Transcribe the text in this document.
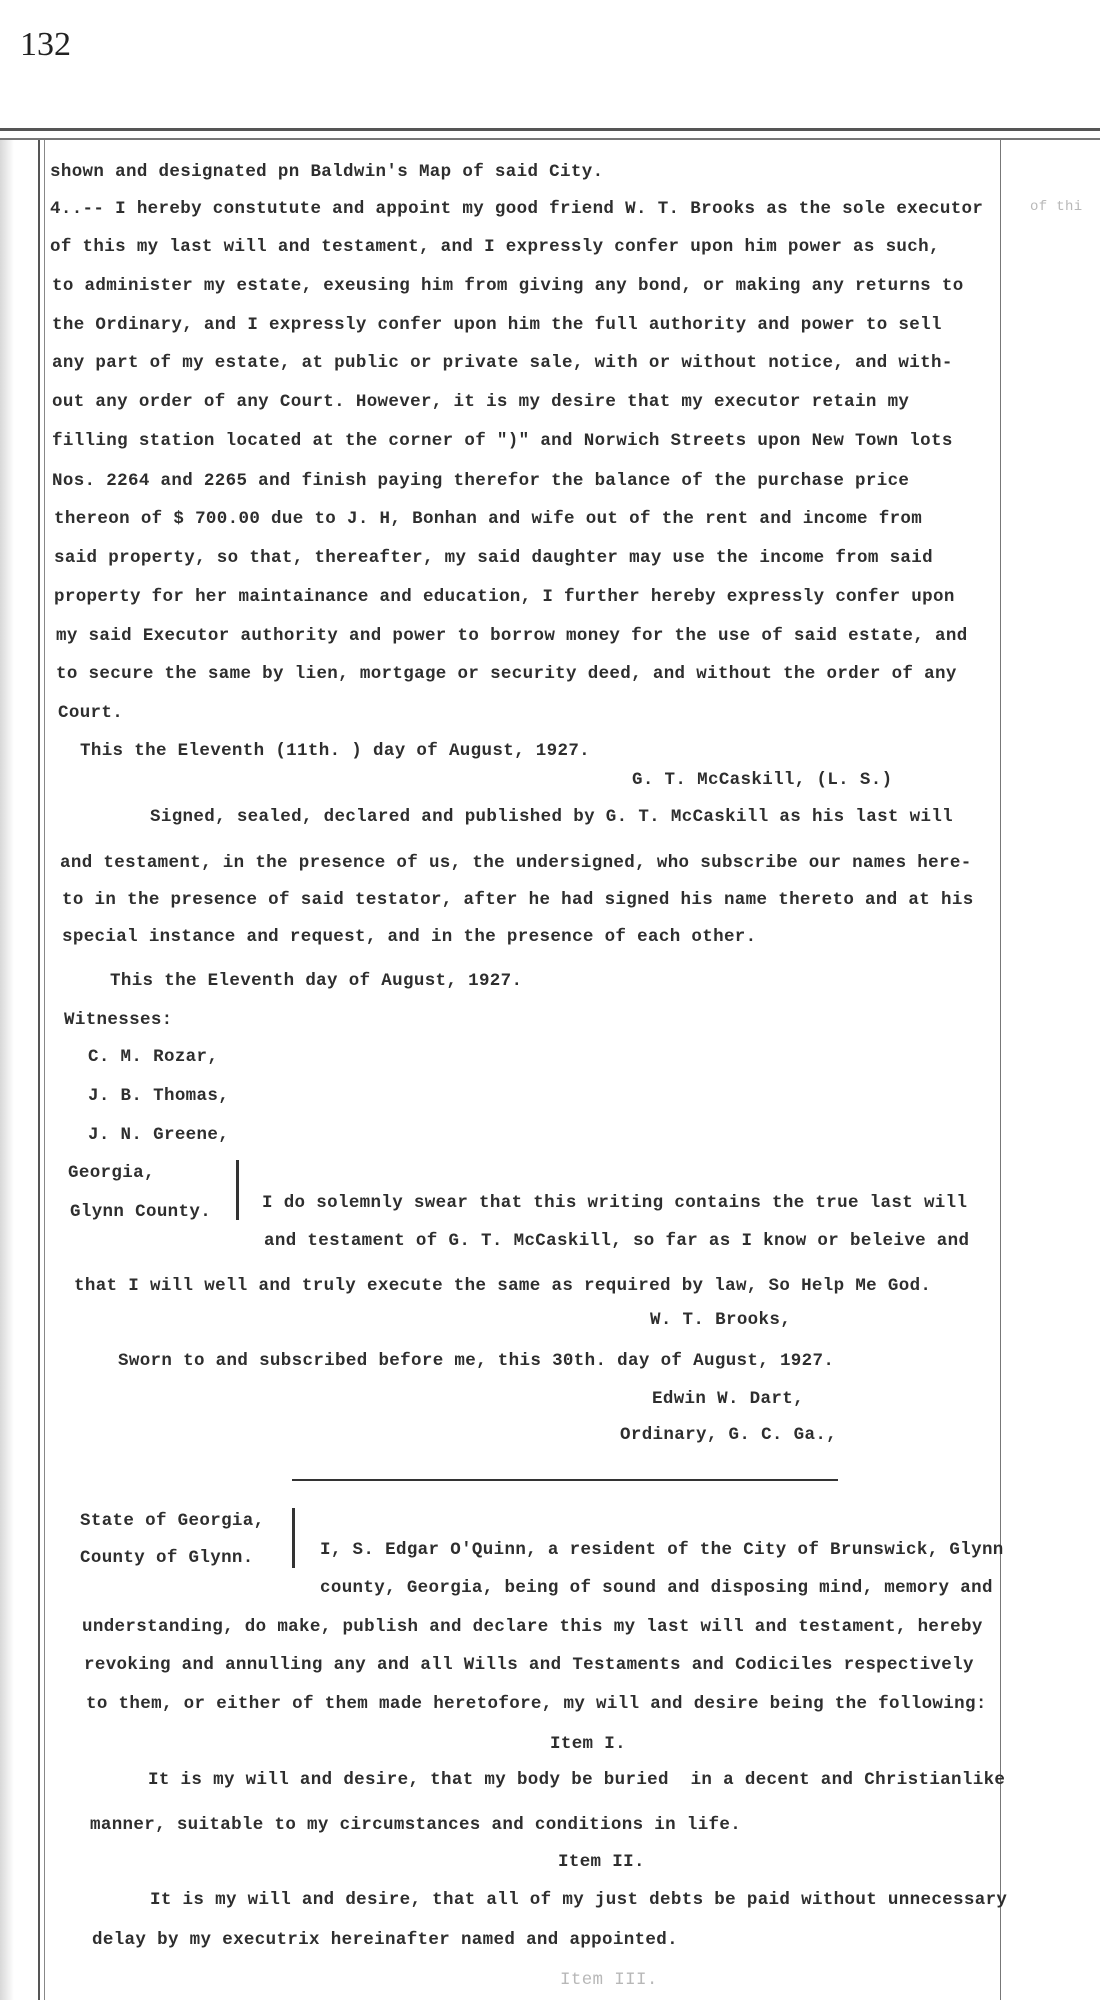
132
shown and designated pn Baldwin's Map of said City.
4..-- I hereby constutute and appoint my good friend W. T. Brooks as the sole executor	of thi
of this my last will and testament, and I expressly confer upon him power as such,
to administer my estate, exeusing him from giving any bond, or making any returns to
the Ordinary, and I expressly confer upon him the full authority and power to sell
any part of my estate, at public or private sale, with or without notice, and with-
out any order of any Court. However, it is my desire that my executor retain my
filling station located at the corner of ")" and Norwich Streets upon New Town lots
Nos. 2264 and 2265 and finish paying therefor the balance of the purchase price
thereon of $ 700.00 due to J. H, Bonhan and wife out of the rent and income from
said property, so that, thereafter, my said daughter may use the income from said
property for her maintainance and education, I further hereby expressly confer upon
my said Executor authority and power to borrow money for the use of said estate, and
to secure the same by lien, mortgage or security deed, and without the order of any
Court.
This the Eleventh (11th. ) day of August, 1927.
G. T. McCaskill, (L. S.)
Signed, sealed, declared and published by G. T. McCaskill as his last will
and testament, in the presence of us, the undersigned, who subscribe our names here-
to in the presence of said testator, after he had signed his name thereto and at his
special instance and request, and in the presence of each other.
This the Eleventh day of August, 1927.
Witnesses:
C. M. Rozar,
J. B. Thomas,
J. N. Greene,
Georgia,
Glynn County.	I do solemnly swear that this writing contains the true last will
and testament of G. T. McCaskill, so far as I know or beleive and
that I will well and truly execute the same as required by law, So Help Me God.
W. T. Brooks,
Sworn to and subscribed before me, this 30th. day of August, 1927.
Edwin W. Dart,
Ordinary, G. C. Ga.,
State of Georgia,
County of Glynn.	I, S. Edgar O'Quinn, a resident of the City of Brunswick, Glynn
county, Georgia, being of sound and disposing mind, memory and
understanding, do make, publish and declare this my last will and testament, hereby
revoking and annulling any and all Wills and Testaments and Codiciles respectively
to them, or either of them made heretofore, my will and desire being the following:
Item I.
It is my will and desire, that my body be buried  in a decent and Christianlike
manner, suitable to my circumstances and conditions in life.
Item II.
It is my will and desire, that all of my just debts be paid without unnecessary
delay by my executrix hereinafter named and appointed.
Item III.
